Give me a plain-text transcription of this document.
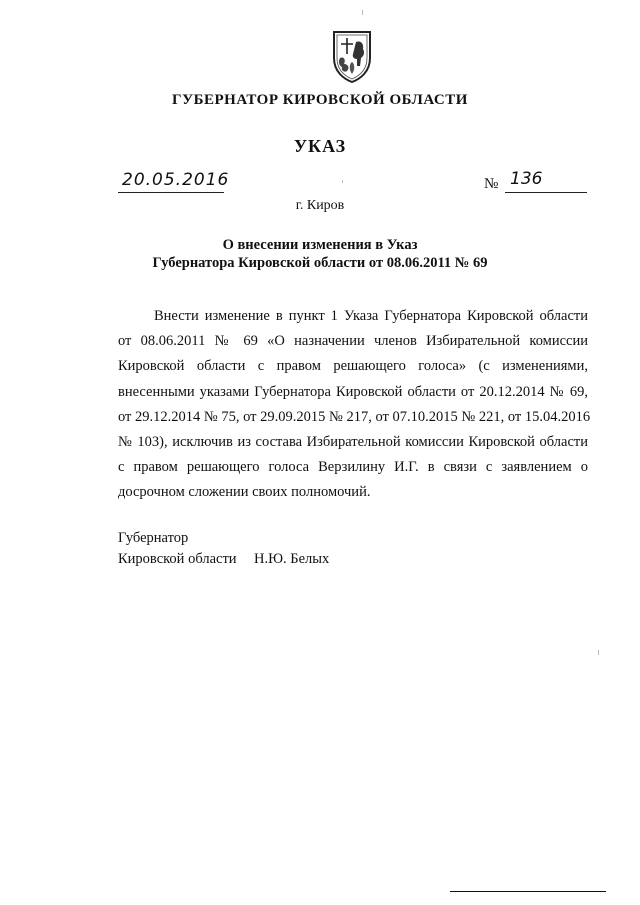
ГУБЕРНАТОР КИРОВСКОЙ ОБЛАСТИ
УКАЗ
20.05.2016	№ 136
г. Киров
О внесении изменения в Указ
Губернатора Кировской области от 08.06.2011 № 69
Внести изменение в пункт 1 Указа Губернатора Кировской области
от 08.06.2011 № 69 «О назначении членов Избирательной комиссии
Кировской области с правом решающего голоса» (с изменениями,
внесенными указами Губернатора Кировской области от 20.12.2014 № 69,
от 29.12.2014 № 75, от 29.09.2015 № 217, от 07.10.2015 № 221, от 15.04.2016
№ 103), исключив из состава Избирательной комиссии Кировской области
с правом решающего голоса Верзилину И.Г. в связи с заявлением о
досрочном сложении своих полномочий.
Губернатор
Кировской области Н.Ю. Белых
